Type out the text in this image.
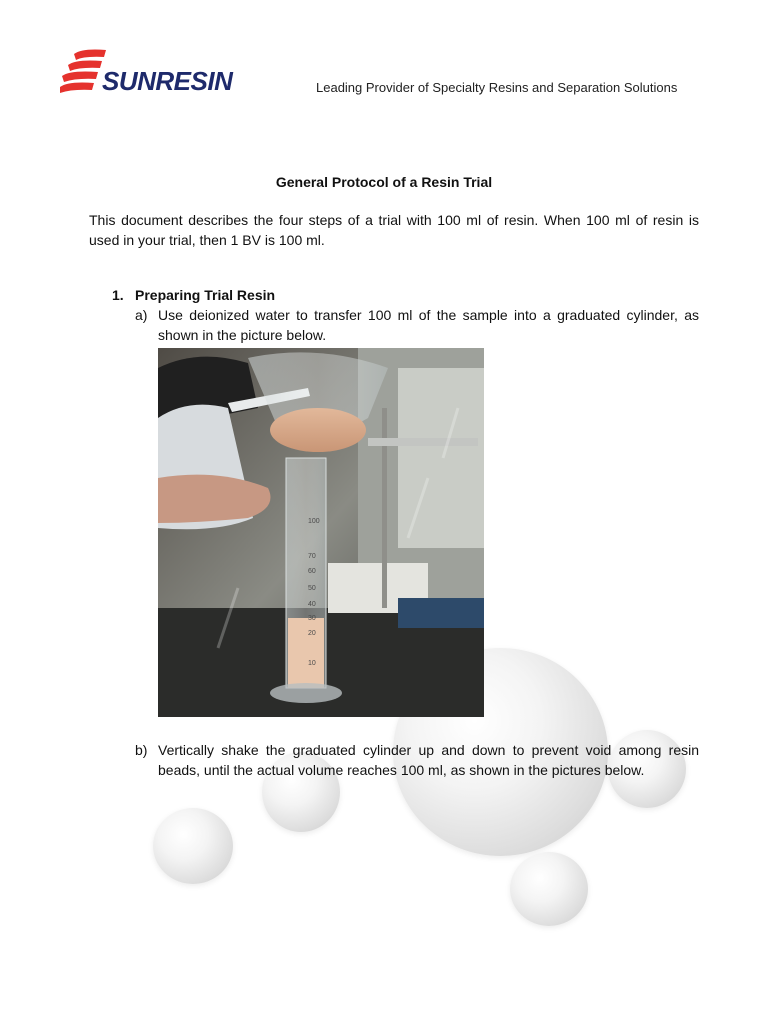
SUNRESIN	Leading Provider of Specialty Resins and Separation Solutions
General Protocol of a Resin Trial
This document describes the four steps of a trial with 100 ml of resin. When 100 ml of resin is used in your trial, then 1 BV is 100 ml.
1. Preparing Trial Resin
a) Use deionized water to transfer 100 ml of the sample into a graduated cylinder, as shown in the picture below.
100
70
60
50
40
30
20
10
b) Vertically shake the graduated cylinder up and down to prevent void among resin beads, until the actual volume reaches 100 ml, as shown in the pictures below.
